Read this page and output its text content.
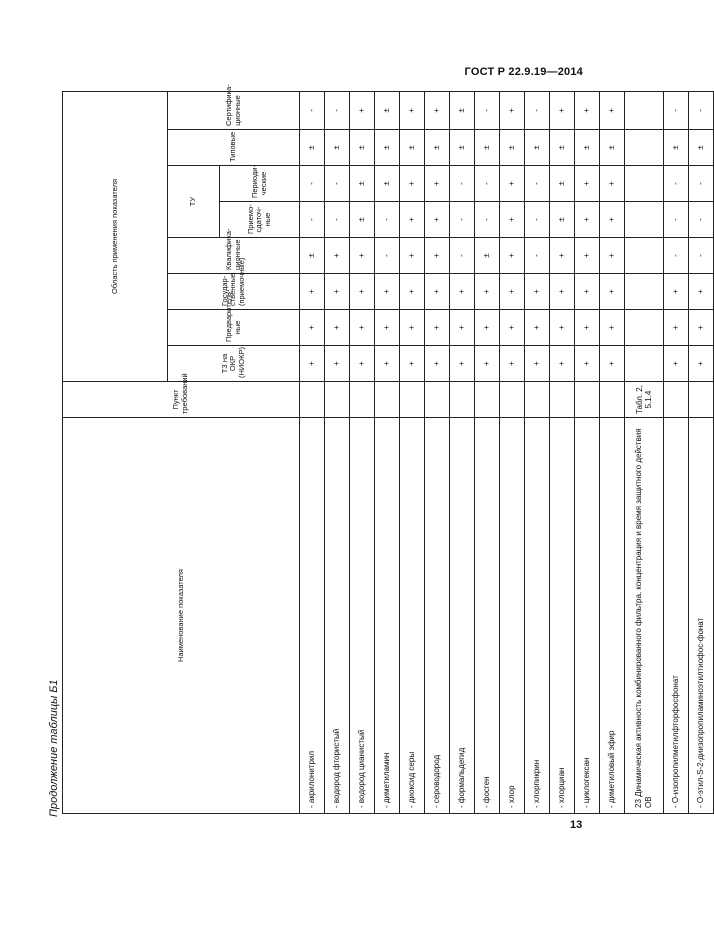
ГОСТ Р 22.9.19—2014
Продолжение таблицы Б1
Наименование показателя	Пункт требований	Область применения показателя							
		ТЗ на ОКР (НИОКР)	Предваритель-ные	Государ-ственные (приемочные)	Квалифика-ционные	ТУ		Типовые	Сертифика-ционные
						Приемо-сдаточ-ные	Периоди-ческие		
- акрилонитрил		+	+	+	±	-	-	±	-
- водород фтористый		+	+	+	+	-	-	±	-
- водород цианистый		+	+	+	+	±	±	±	+
- диметиламин		+	+	+	-	-	±	±	±
- диоксид серы		+	+	+	+	+	+	±	+
- сероводород		+	+	+	+	+	+	±	+
- формальдегид		+	+	+	-	-	-	±	±
- фосген		+	+	+	±	-	-	±	-
- хлор		+	+	+	+	+	+	±	+
- хлорпикрин		+	+	+	-	-	-	±	-
- хлорциан		+	+	+	+	±	±	±	+
- циклогексан		+	+	+	+	+	+	±	+
- диметиловый эфир		+	+	+	+	+	+	±	+
23 Динамическая активность комбинированного фильтра, концентрация и время защитного действия ОВ	Табл. 2, 5.1.4								
- О-изопропилметилфторфосфонат		+	+	+	-	-	-	±	-
- О-этил-S-2-диизопропиламиноэтилтиофос-фонат		+	+	+	-	-	-	±	-
13
